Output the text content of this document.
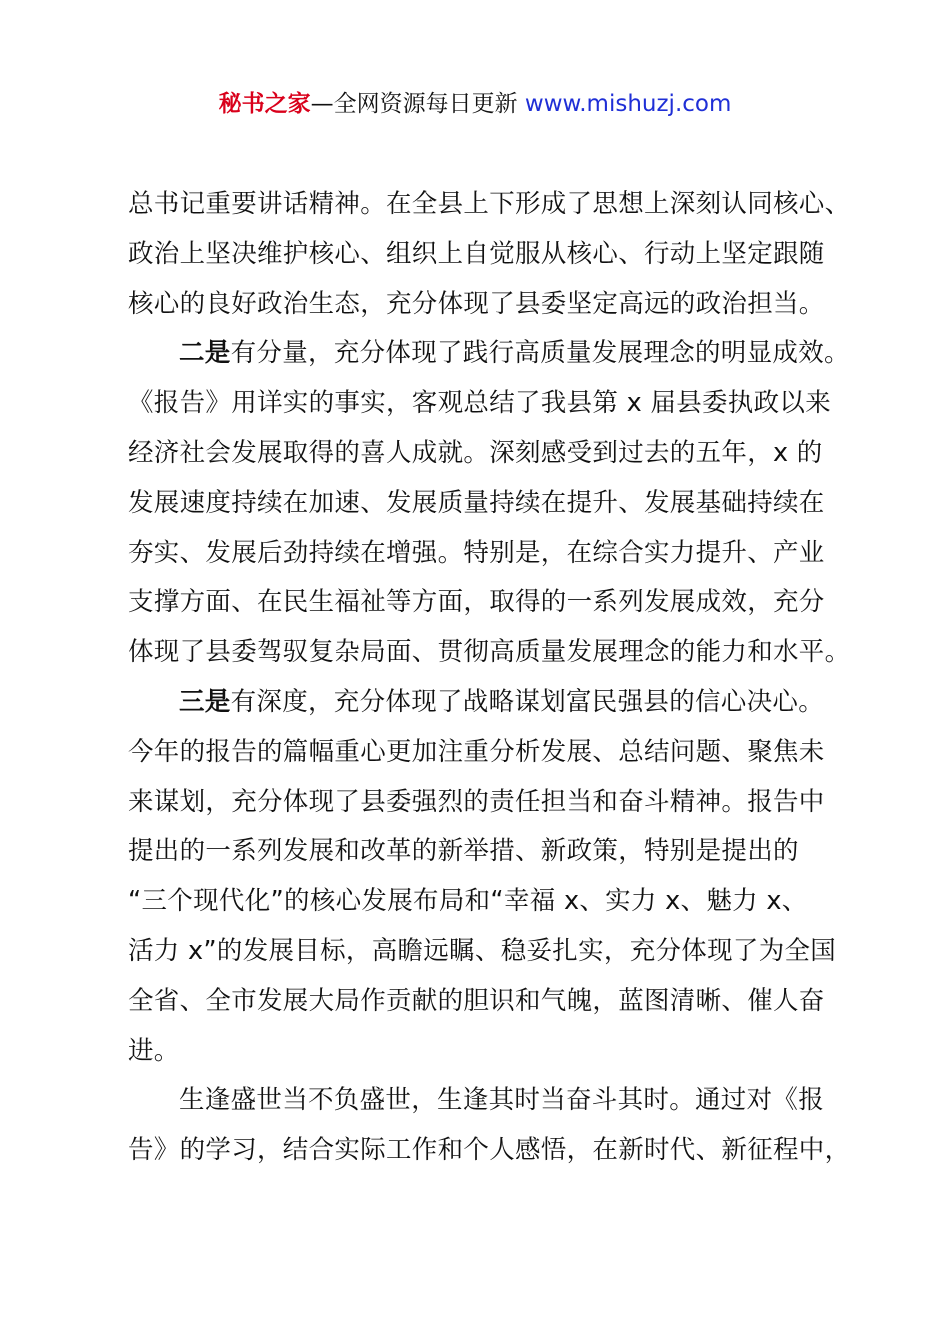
秘书之家—全网资源每日更新 www.mishuzj.com
总书记重要讲话精神。在全县上下形成了思想上深刻认同核心、
政治上坚决维护核心、组织上自觉服从核心、行动上坚定跟随
核心的良好政治生态，充分体现了县委坚定高远的政治担当。
二是有分量，充分体现了践行高质量发展理念的明显成效。
《报告》用详实的事实，客观总结了我县第 x 届县委执政以来
经济社会发展取得的喜人成就。深刻感受到过去的五年，x 的
发展速度持续在加速、发展质量持续在提升、发展基础持续在
夯实、发展后劲持续在增强。特别是，在综合实力提升、产业
支撑方面、在民生福祉等方面，取得的一系列发展成效，充分
体现了县委驾驭复杂局面、贯彻高质量发展理念的能力和水平。
三是有深度，充分体现了战略谋划富民强县的信心决心。
今年的报告的篇幅重心更加注重分析发展、总结问题、聚焦未
来谋划，充分体现了县委强烈的责任担当和奋斗精神。报告中
提出的一系列发展和改革的新举措、新政策，特别是提出的
“三个现代化”的核心发展布局和“幸福 x、实力 x、魅力 x、
活力 x”的发展目标，高瞻远瞩、稳妥扎实，充分体现了为全国
全省、全市发展大局作贡献的胆识和气魄，蓝图清晰、催人奋
进。
生逢盛世当不负盛世，生逢其时当奋斗其时。通过对《报
告》的学习，结合实际工作和个人感悟，在新时代、新征程中，
